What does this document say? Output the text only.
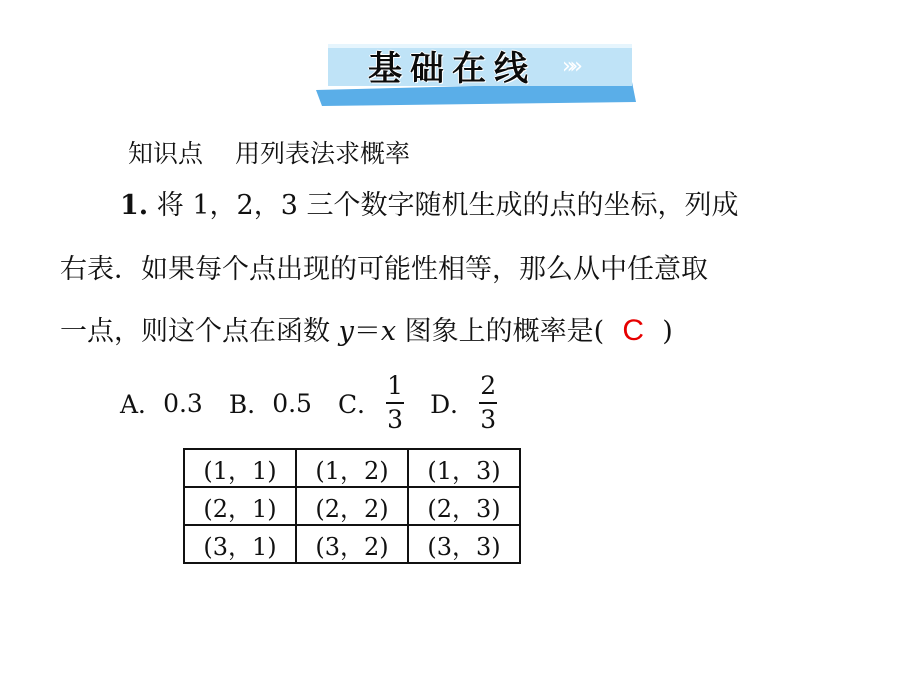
基础在线	»»
知识点 用列表法求概率
1. 将 1，2，3 三个数字随机生成的点的坐标，列成
右表．如果每个点出现的可能性相等，那么从中任意取
一点，则这个点在函数 y＝x 图象上的概率是( C )
A． 0.3 B． 0.5 C． $\frac{1}{3}$ D． $\frac{2}{3}$
(1，1)	(1，2)	(1，3)
(2，1)	(2，2)	(2，3)
(3，1)	(3，2)	(3，3)
